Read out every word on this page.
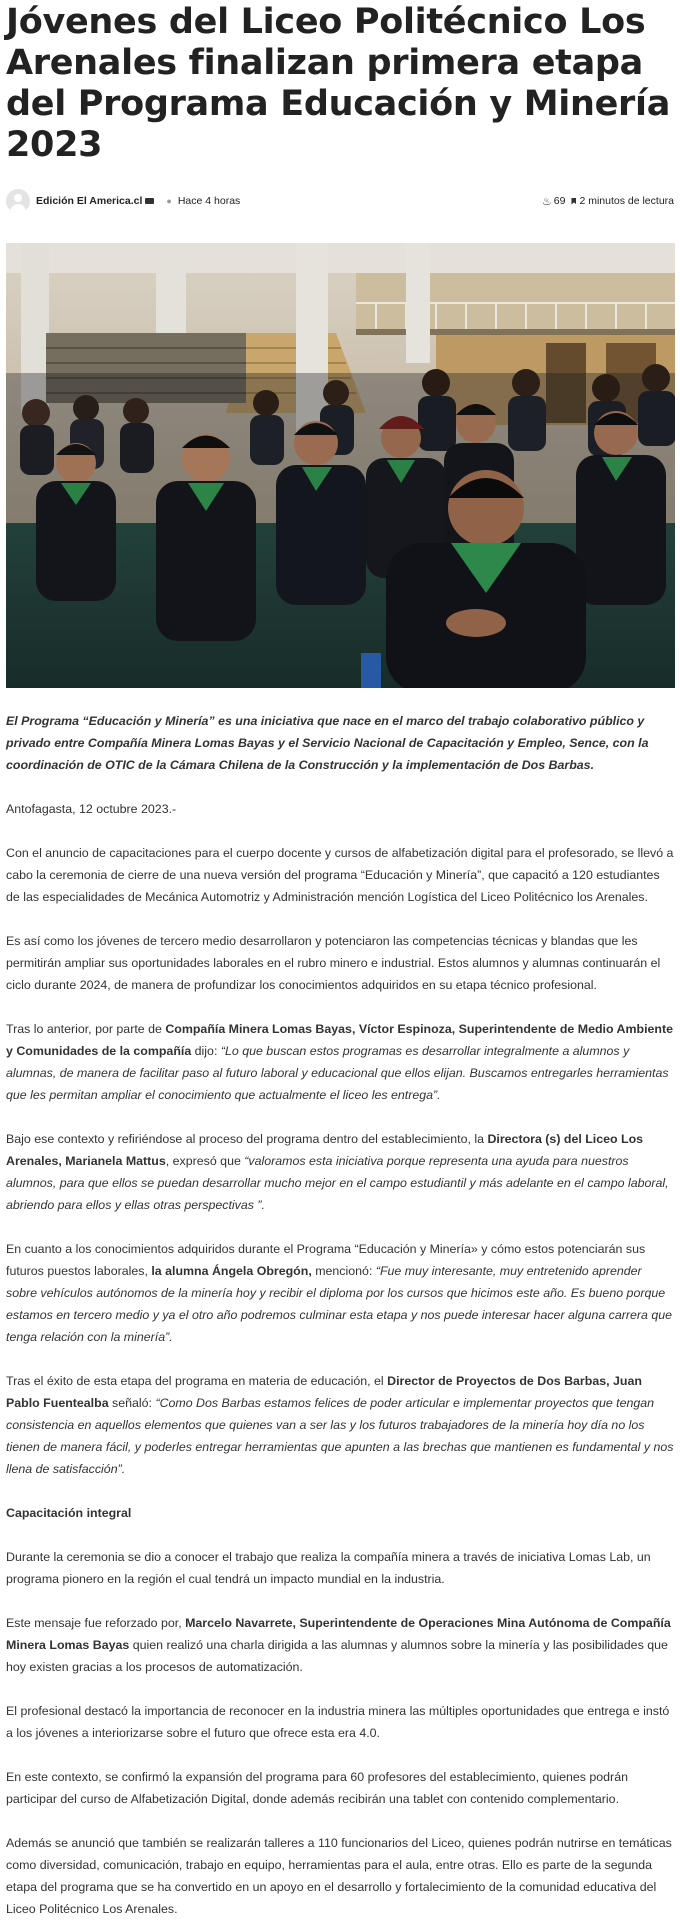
Jóvenes del Liceo Politécnico Los Arenales finalizan primera etapa del Programa Educación y Minería 2023
Edición El America.cl	● Hace 4 horas	♨ 69 2 minutos de lectura

El Programa “Educación y Minería” es una iniciativa que nace en el marco del trabajo colaborativo público y privado entre Compañía Minera Lomas Bayas y el Servicio Nacional de Capacitación y Empleo, Sence, con la coordinación de OTIC de la Cámara Chilena de la Construcción y la implementación de Dos Barbas.

Antofagasta, 12 octubre 2023.-

Con el anuncio de capacitaciones para el cuerpo docente y cursos de alfabetización digital para el profesorado, se llevó a cabo la ceremonia de cierre de una nueva versión del programa “Educación y Minería”, que capacitó a 120 estudiantes de las especialidades de Mecánica Automotriz y Administración mención Logística del Liceo Politécnico los Arenales.

Es así como los jóvenes de tercero medio desarrollaron y potenciaron las competencias técnicas y blandas que les permitirán ampliar sus oportunidades laborales en el rubro minero e industrial. Estos alumnos y alumnas continuarán el ciclo durante 2024, de manera de profundizar los conocimientos adquiridos en su etapa técnico profesional.

Tras lo anterior, por parte de Compañía Minera Lomas Bayas, Víctor Espinoza, Superintendente de Medio Ambiente y Comunidades de la compañía dijo: “Lo que buscan estos programas es desarrollar integralmente a alumnos y alumnas, de manera de facilitar paso al futuro laboral y educacional que ellos elijan. Buscamos entregarles herramientas que les permitan ampliar el conocimiento que actualmente el liceo les entrega”.

Bajo ese contexto y refiriéndose al proceso del programa dentro del establecimiento, la Directora (s) del Liceo Los Arenales, Marianela Mattus, expresó que “valoramos esta iniciativa porque representa una ayuda para nuestros alumnos, para que ellos se puedan desarrollar mucho mejor en el campo estudiantil y más adelante en el campo laboral, abriendo para ellos y ellas otras perspectivas ”.

En cuanto a los conocimientos adquiridos durante el Programa “Educación y Minería» y cómo estos potenciarán sus futuros puestos laborales, la alumna Ángela Obregón, mencionó: “Fue muy interesante, muy entretenido aprender sobre vehículos autónomos de la minería hoy y recibir el diploma por los cursos que hicimos este año. Es bueno porque estamos en tercero medio y ya el otro año podremos culminar esta etapa y nos puede interesar hacer alguna carrera que tenga relación con la minería”.

Tras el éxito de esta etapa del programa en materia de educación, el Director de Proyectos de Dos Barbas, Juan Pablo Fuentealba señaló: “Como Dos Barbas estamos felices de poder articular e implementar proyectos que tengan consistencia en aquellos elementos que quienes van a ser las y los futuros trabajadores de la minería hoy día no los tienen de manera fácil, y poderles entregar herramientas que apunten a las brechas que mantienen es fundamental y nos llena de satisfacción”.

Capacitación integral

Durante la ceremonia se dio a conocer el trabajo que realiza la compañía minera a través de iniciativa Lomas Lab, un programa pionero en la región el cual tendrá un impacto mundial en la industria.

Este mensaje fue reforzado por, Marcelo Navarrete, Superintendente de Operaciones Mina Autónoma de Compañía Minera Lomas Bayas quien realizó una charla dirigida a las alumnas y alumnos sobre la minería y las posibilidades que hoy existen gracias a los procesos de automatización.

El profesional destacó la importancia de reconocer en la industria minera las múltiples oportunidades que entrega e instó a los jóvenes a interiorizarse sobre el futuro que ofrece esta era 4.0.

En este contexto, se confirmó la expansión del programa para 60 profesores del establecimiento, quienes podrán participar del curso de Alfabetización Digital, donde además recibirán una tablet con contenido complementario.

Además se anunció que también se realizarán talleres a 110 funcionarios del Liceo, quienes podrán nutrirse en temáticas como diversidad, comunicación, trabajo en equipo, herramientas para el aula, entre otras. Ello es parte de la segunda etapa del programa que se ha convertido en un apoyo en el desarrollo y fortalecimiento de la comunidad educativa del Liceo Politécnico Los Arenales.
